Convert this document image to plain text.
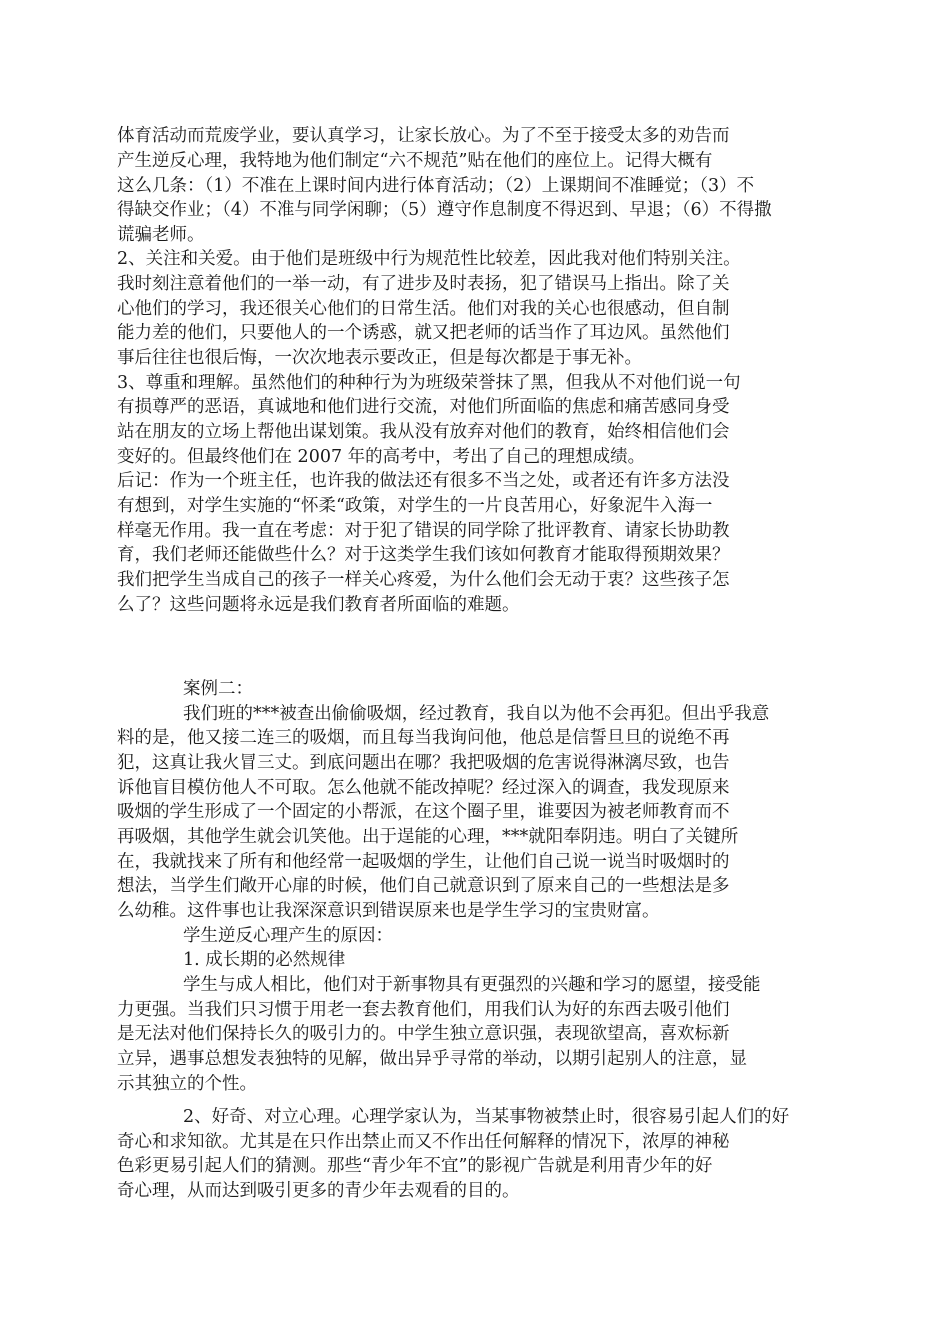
体育活动而荒废学业，要认真学习，让家长放心。为了不至于接受太多的劝告而
产生逆反心理，我特地为他们制定“六不规范”贴在他们的座位上。记得大概有
这么几条：（1）不准在上课时间内进行体育活动；（2）上课期间不准睡觉；（3）不
得缺交作业；（4）不准与同学闲聊；（5）遵守作息制度不得迟到、早退；（6）不得撒
谎骗老师。
2、关注和关爱。由于他们是班级中行为规范性比较差，因此我对他们特别关注。
我时刻注意着他们的一举一动，有了进步及时表扬，犯了错误马上指出。除了关
心他们的学习，我还很关心他们的日常生活。他们对我的关心也很感动，但自制
能力差的他们，只要他人的一个诱惑，就又把老师的话当作了耳边风。虽然他们
事后往往也很后悔，一次次地表示要改正，但是每次都是于事无补。
3、尊重和理解。虽然他们的种种行为为班级荣誉抹了黑，但我从不对他们说一句
有损尊严的恶语，真诚地和他们进行交流，对他们所面临的焦虑和痛苦感同身受
站在朋友的立场上帮他出谋划策。我从没有放弃对他们的教育，始终相信他们会
变好的。但最终他们在 2007 年的高考中，考出了自己的理想成绩。
后记：作为一个班主任，也许我的做法还有很多不当之处，或者还有许多方法没
有想到，对学生实施的“怀柔“政策，对学生的一片良苦用心，好象泥牛入海一
样毫无作用。我一直在考虑：对于犯了错误的同学除了批评教育、请家长协助教
育，我们老师还能做些什么？对于这类学生我们该如何教育才能取得预期效果？
我们把学生当成自己的孩子一样关心疼爱，为什么他们会无动于衷？这些孩子怎
么了？这些问题将永远是我们教育者所面临的难题。
案例二：
我们班的***被查出偷偷吸烟，经过教育，我自以为他不会再犯。但出乎我意
料的是，他又接二连三的吸烟，而且每当我询问他，他总是信誓旦旦的说绝不再
犯，这真让我火冒三丈。到底问题出在哪？我把吸烟的危害说得淋漓尽致，也告
诉他盲目模仿他人不可取。怎么他就不能改掉呢？经过深入的调查，我发现原来
吸烟的学生形成了一个固定的小帮派，在这个圈子里，谁要因为被老师教育而不
再吸烟，其他学生就会讥笑他。出于逞能的心理，***就阳奉阴违。明白了关键所
在，我就找来了所有和他经常一起吸烟的学生，让他们自己说一说当时吸烟时的
想法，当学生们敞开心扉的时候，他们自己就意识到了原来自己的一些想法是多
么幼稚。这件事也让我深深意识到错误原来也是学生学习的宝贵财富。
学生逆反心理产生的原因：
1. 成长期的必然规律
学生与成人相比，他们对于新事物具有更强烈的兴趣和学习的愿望，接受能
力更强。当我们只习惯于用老一套去教育他们，用我们认为好的东西去吸引他们
是无法对他们保持长久的吸引力的。中学生独立意识强，表现欲望高，喜欢标新
立异，遇事总想发表独特的见解，做出异乎寻常的举动，以期引起别人的注意，显
示其独立的个性。
2、好奇、对立心理。心理学家认为，当某事物被禁止时，很容易引起人们的好
奇心和求知欲。尤其是在只作出禁止而又不作出任何解释的情况下，浓厚的神秘
色彩更易引起人们的猜测。那些“青少年不宜”的影视广告就是利用青少年的好
奇心理，从而达到吸引更多的青少年去观看的目的。
